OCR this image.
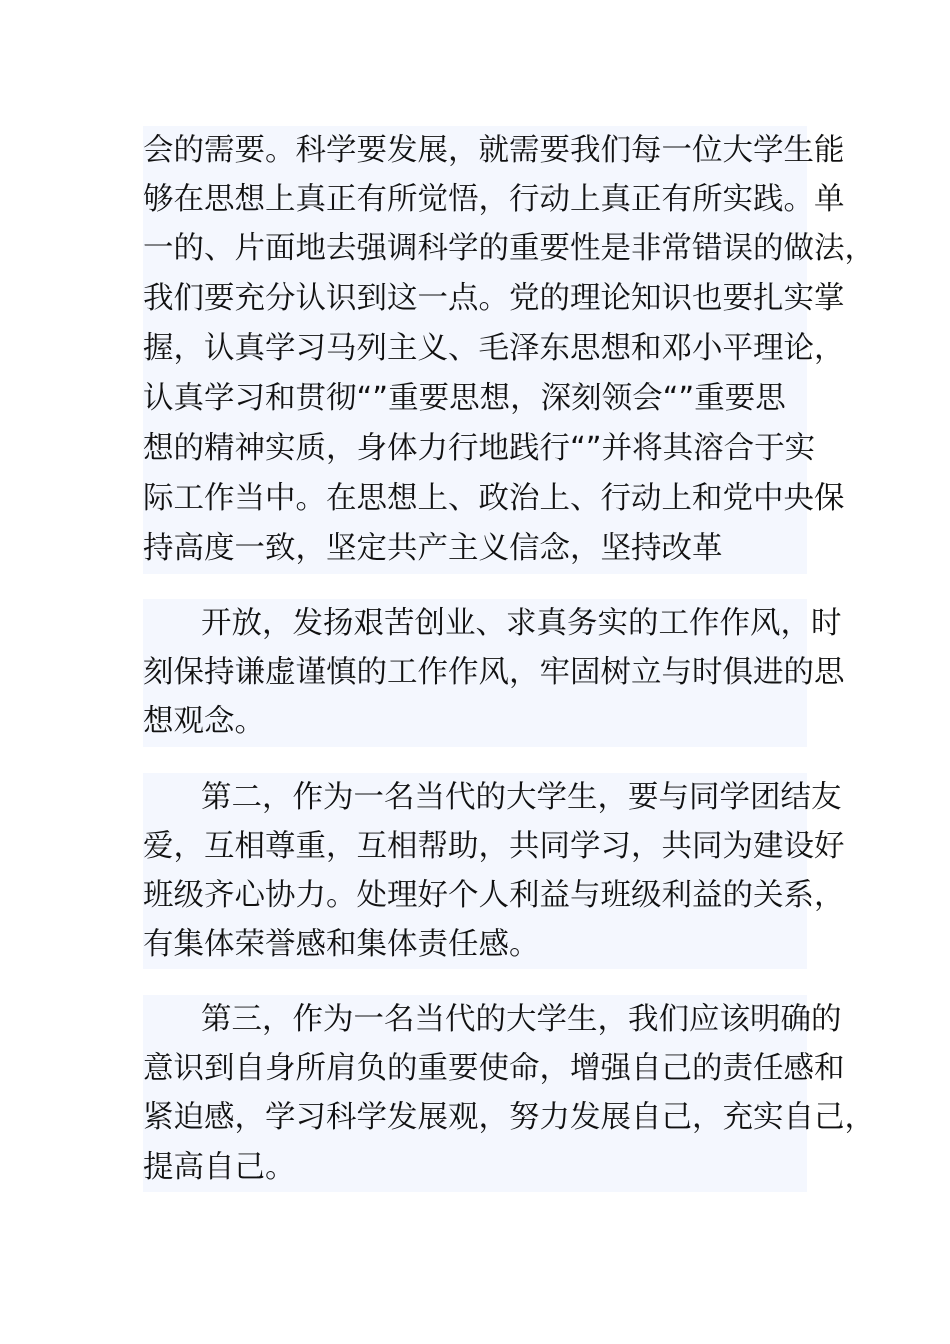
会的需要。科学要发展，就需要我们每一位大学生能
够在思想上真正有所觉悟，行动上真正有所实践。单
一的、片面地去强调科学的重要性是非常错误的做法，
我们要充分认识到这一点。党的理论知识也要扎实掌
握，认真学习马列主义、毛泽东思想和邓小平理论，
认真学习和贯彻“”重要思想，深刻领会“”重要思
想的精神实质，身体力行地践行“”并将其溶合于实
际工作当中。在思想上、政治上、行动上和党中央保
持高度一致，坚定共产主义信念，坚持改革
开放，发扬艰苦创业、求真务实的工作作风，时
刻保持谦虚谨慎的工作作风，牢固树立与时俱进的思
想观念。
第二，作为一名当代的大学生，要与同学团结友
爱，互相尊重，互相帮助，共同学习，共同为建设好
班级齐心协力。处理好个人利益与班级利益的关系，
有集体荣誉感和集体责任感。
第三，作为一名当代的大学生，我们应该明确的
意识到自身所肩负的重要使命，增强自己的责任感和
紧迫感，学习科学发展观，努力发展自己，充实自己，
提高自己。
